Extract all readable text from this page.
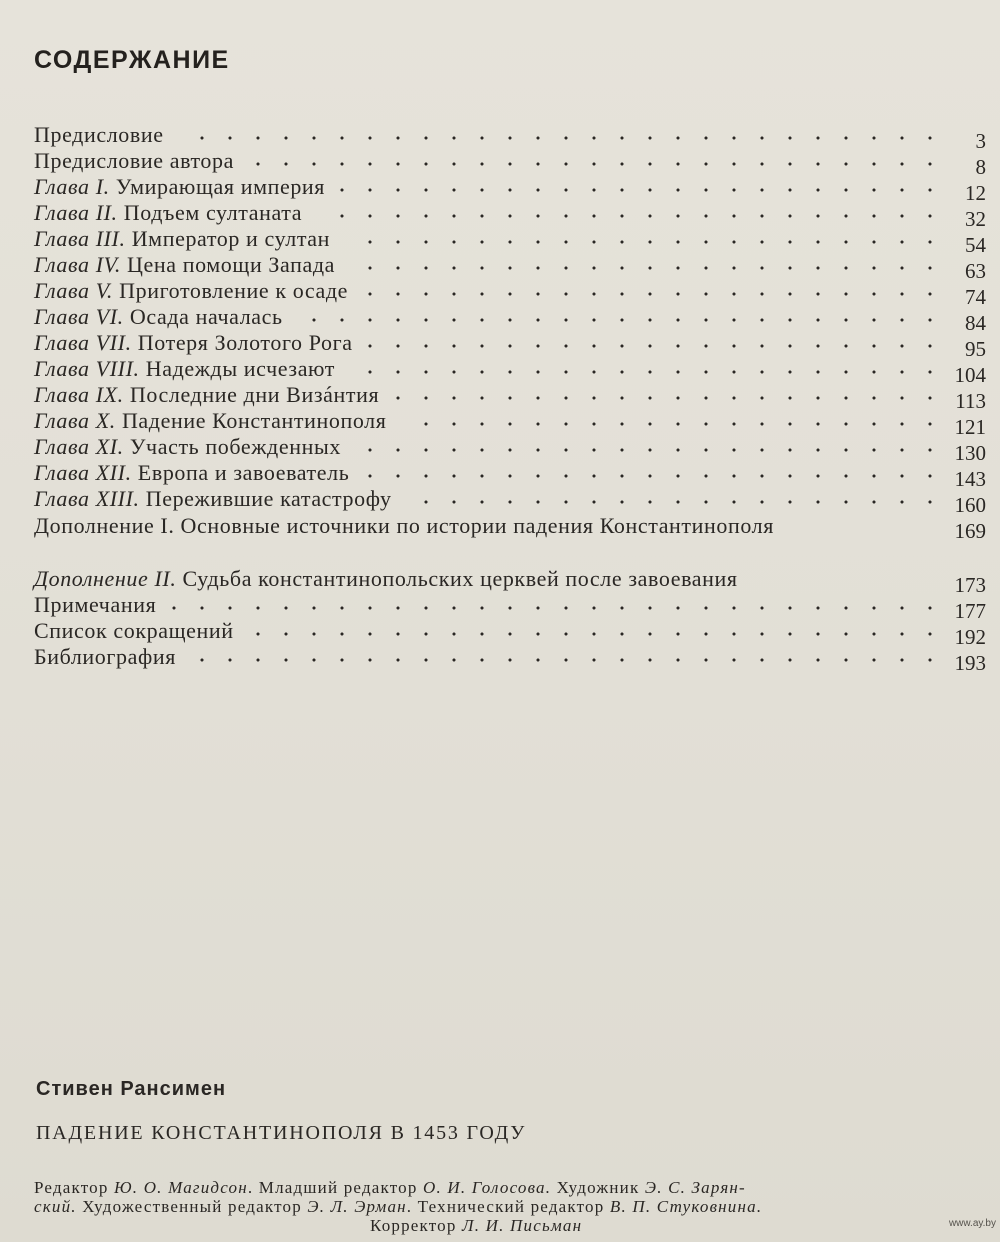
СОДЕРЖАНИЕ
Предисловие	3
Предисловие автора	8
Глава I. Умирающая империя	12
Глава II. Подъем султаната	32
Глава III. Император и султан	54
Глава IV. Цена помощи Запада	63
Глава V. Приготовление к осаде	74
Глава VI. Осада началась	84
Глава VII. Потеря Золотого Рога	95
Глава VIII. Надежды исчезают	104
Глава IX. Последние дни Визáнтия	113
Глава X. Падение Константинополя	121
Глава XI. Участь побежденных	130
Глава XII. Европа и завоеватель	143
Глава XIII. Пережившие катастрофу	160
Дополнение I. Основные источники по истории падения Константинополя	169
Дополнение II. Судьба константинопольских церквей после завоевания	173
Примечания	177
Список сокращений	192
Библиография	193
Стивен Рансимен
ПАДЕНИЕ КОНСТАНТИНОПОЛЯ В 1453 ГОДУ
Редактор Ю. О. Магидсон. Младший редактор О. И. Голосова. Художник Э. С. Зарян-
ский. Художественный редактор Э. Л. Эрман. Технический редактор В. П. Стуковнина.
Корректор Л. И. Письман	www.ay.by
